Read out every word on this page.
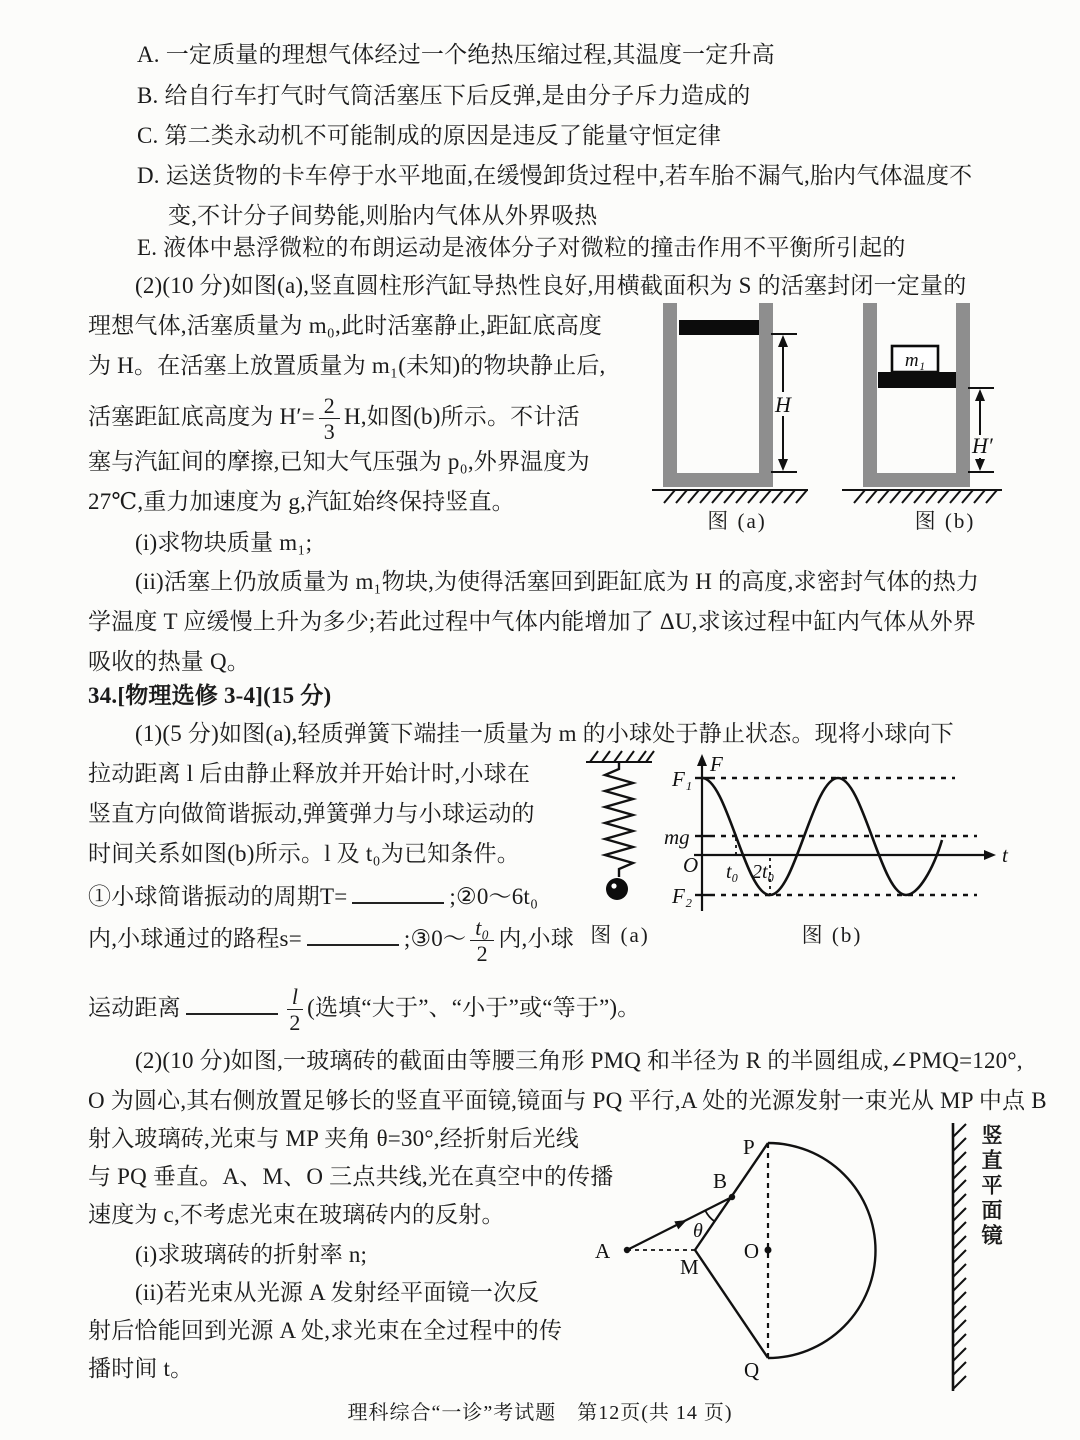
A. 一定质量的理想气体经过一个绝热压缩过程,其温度一定升高
B. 给自行车打气时气筒活塞压下后反弹,是由分子斥力造成的
C. 第二类永动机不可能制成的原因是违反了能量守恒定律
D. 运送货物的卡车停于水平地面,在缓慢卸货过程中,若车胎不漏气,胎内气体温度不
变,不计分子间势能,则胎内气体从外界吸热
E. 液体中悬浮微粒的布朗运动是液体分子对微粒的撞击作用不平衡所引起的
(2)(10 分)如图(a),竖直圆柱形汽缸导热性良好,用横截面积为 S 的活塞封闭一定量的
理想气体,活塞质量为 m₀,此时活塞静止,距缸底高度
为 H。在活塞上放置质量为 m₁(未知)的物块静止后,
活塞距缸底高度为 $H'= \frac{2}{3} H$,如图(b)所示。不计活
塞与汽缸间的摩擦,已知大气压强为 p₀,外界温度为
27℃,重力加速度为 g,汽缸始终保持竖直。
(i)求物块质量 m₁;
(ii)活塞上仍放质量为 m₁物块,为使得活塞回到距缸底为 H 的高度,求密封气体的热力
学温度 T 应缓慢上升为多少;若此过程中气体内能增加了 ΔU,求该过程中缸内气体从外界
吸收的热量 Q。
H
m₁
H′
图 (a)	图 (b)
34.[物理选修 3-4](15 分)
(1)(5 分)如图(a),轻质弹簧下端挂一质量为 m 的小球处于静止状态。现将小球向下
拉动距离 l 后由静止释放并开始计时,小球在
竖直方向做简谐振动,弹簧弹力与小球运动的
时间关系如图(b)所示。l 及 t₀为已知条件。
①小球简谐振动的周期T=	;②0～6t₀
内,小球通过的路程s=	;③0～ $\frac{\text{t₀}}{2}$ 内,小球
运动距离	$\frac{l}{2}$ (选填“大于”、“小于”或“等于”)。
图 (a)
F
F₁
mg
O t₀ 2t₀
F₂
t
图 (b)
(2)(10 分)如图,一玻璃砖的截面由等腰三角形 PMQ 和半径为 R 的半圆组成,∠PMQ=120°,
O 为圆心,其右侧放置足够长的竖直平面镜,镜面与 PQ 平行,A 处的光源发射一束光从 MP 中点 B
射入玻璃砖,光束与 MP 夹角 θ=30°,经折射后光线
与 PQ 垂直。A、M、O 三点共线,光在真空中的传播
速度为 c,不考虑光束在玻璃砖内的反射。
(i)求玻璃砖的折射率 n;
(ii)若光束从光源 A 发射经平面镜一次反
射后恰能回到光源 A 处,求光束在全过程中的传
播时间 t。
P
B
θ
A
M
O
Q
竖直平面镜
理科综合“一诊”考试题　第12页(共 14 页)
